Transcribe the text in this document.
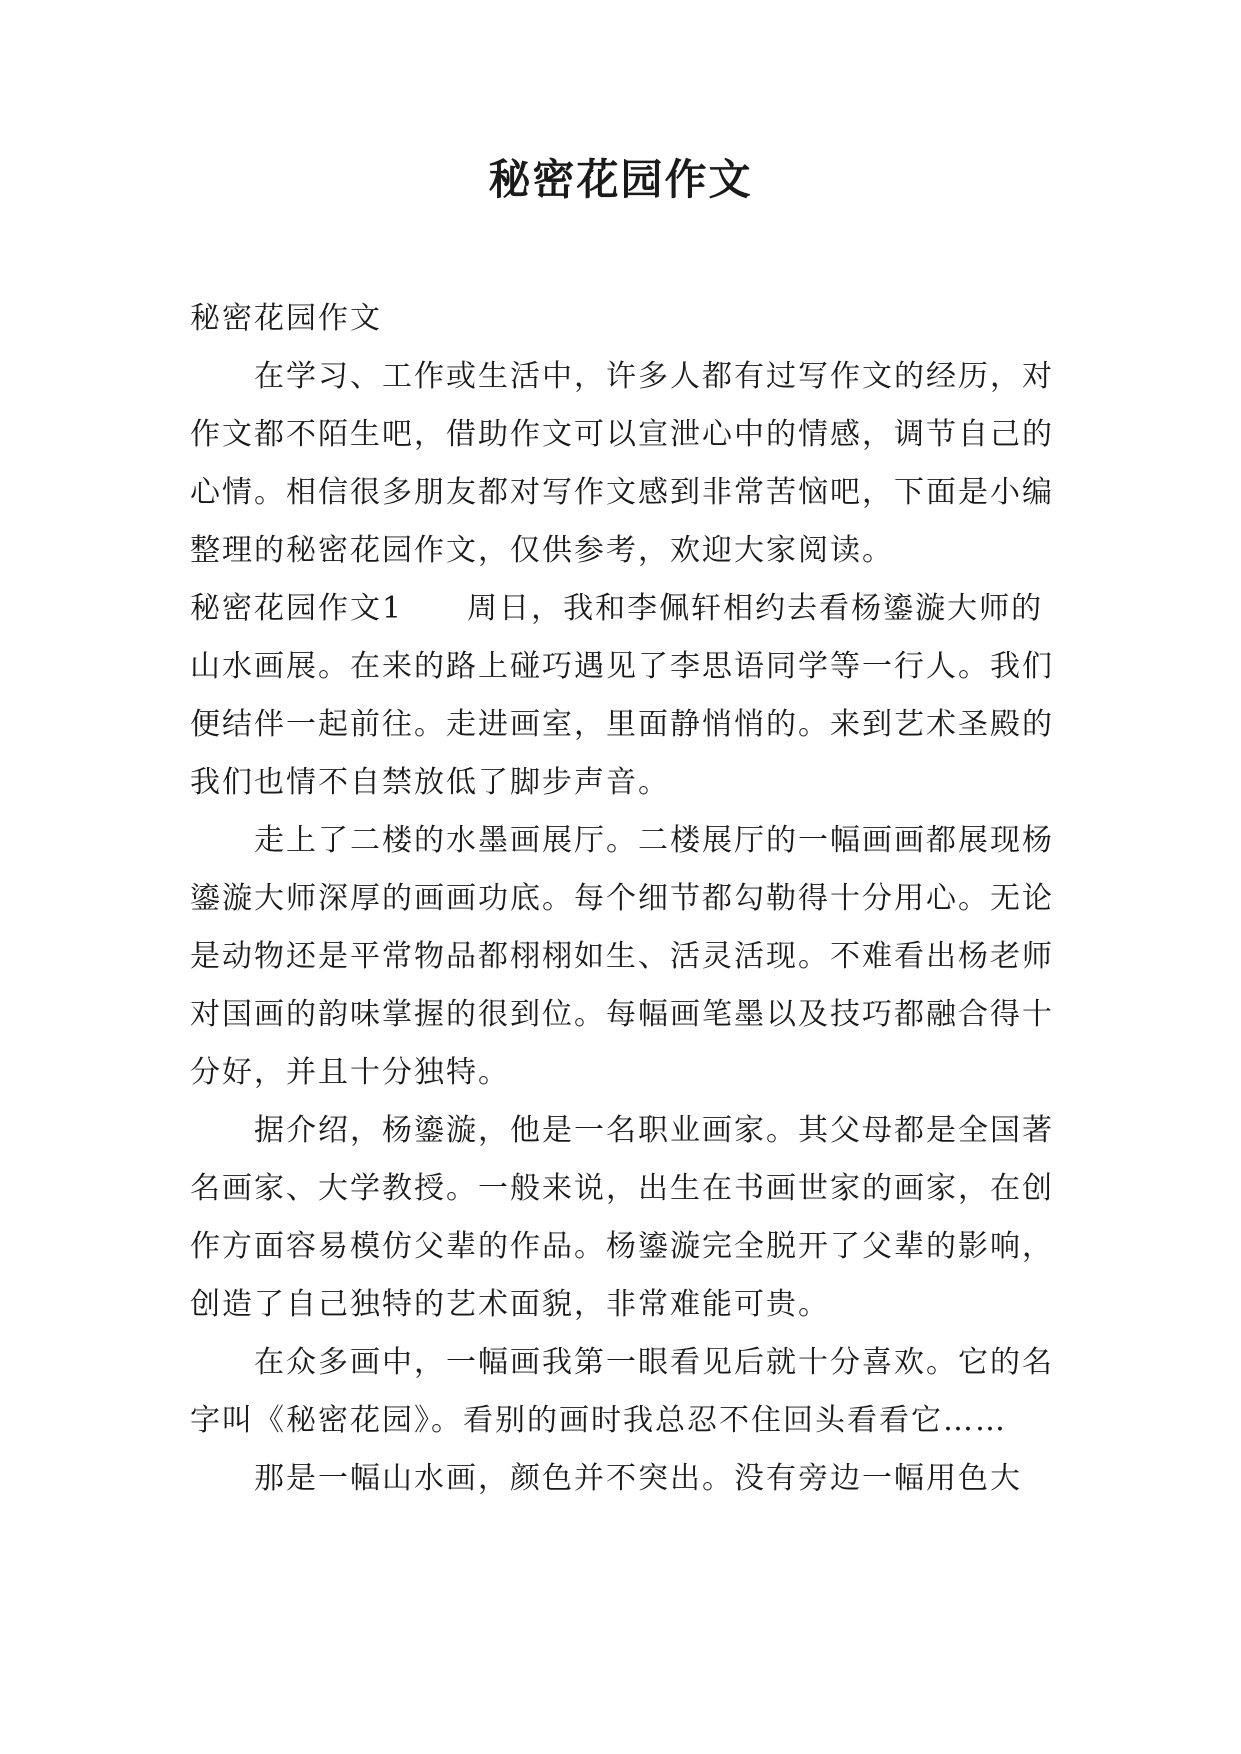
秘密花园作文

秘密花园作文

在学习、工作或生活中，许多人都有过写作文的经历，对作文都不陌生吧，借助作文可以宣泄心中的情感，调节自己的心情。相信很多朋友都对写作文感到非常苦恼吧，下面是小编整理的秘密花园作文，仅供参考，欢迎大家阅读。

秘密花园作文1　　周日，我和李佩轩相约去看杨鎏漩大师的山水画展。在来的路上碰巧遇见了李思语同学等一行人。我们便结伴一起前往。走进画室，里面静悄悄的。来到艺术圣殿的我们也情不自禁放低了脚步声音。

走上了二楼的水墨画展厅。二楼展厅的一幅画画都展现杨鎏漩大师深厚的画画功底。每个细节都勾勒得十分用心。无论是动物还是平常物品都栩栩如生、活灵活现。不难看出杨老师对国画的韵味掌握的很到位。每幅画笔墨以及技巧都融合得十分好，并且十分独特。

据介绍，杨鎏漩，他是一名职业画家。其父母都是全国著名画家、大学教授。一般来说，出生在书画世家的画家，在创作方面容易模仿父辈的作品。杨鎏漩完全脱开了父辈的影响，创造了自己独特的艺术面貌，非常难能可贵。

在众多画中，一幅画我第一眼看见后就十分喜欢。它的名字叫《秘密花园》。看别的画时我总忍不住回头看看它……

那是一幅山水画，颜色并不突出。没有旁边一幅用色大
